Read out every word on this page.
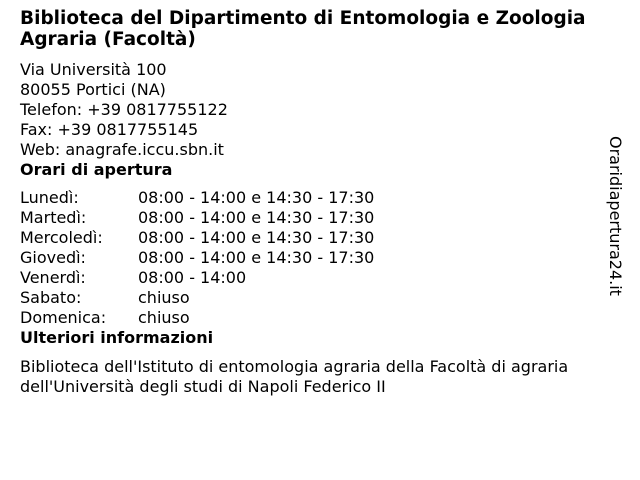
Biblioteca del Dipartimento di Entomologia e Zoologia Agraria (Facoltà)
Via Università 100
80055 Portici (NA)
Telefon: +39 0817755122
Fax: +39 0817755145
Web: anagrafe.iccu.sbn.it
Orari di apertura
Lunedì:	08:00 - 14:00 e 14:30 - 17:30
Martedì:	08:00 - 14:00 e 14:30 - 17:30
Mercoledì:	08:00 - 14:00 e 14:30 - 17:30
Giovedì:	08:00 - 14:00 e 14:30 - 17:30
Venerdì:	08:00 - 14:00
Sabato:	chiuso
Domenica:	chiuso
Ulteriori informazioni
Biblioteca dell'Istituto di entomologia agraria della Facoltà di agraria dell'Università degli studi di Napoli Federico II
Oraridiapertura24.it
